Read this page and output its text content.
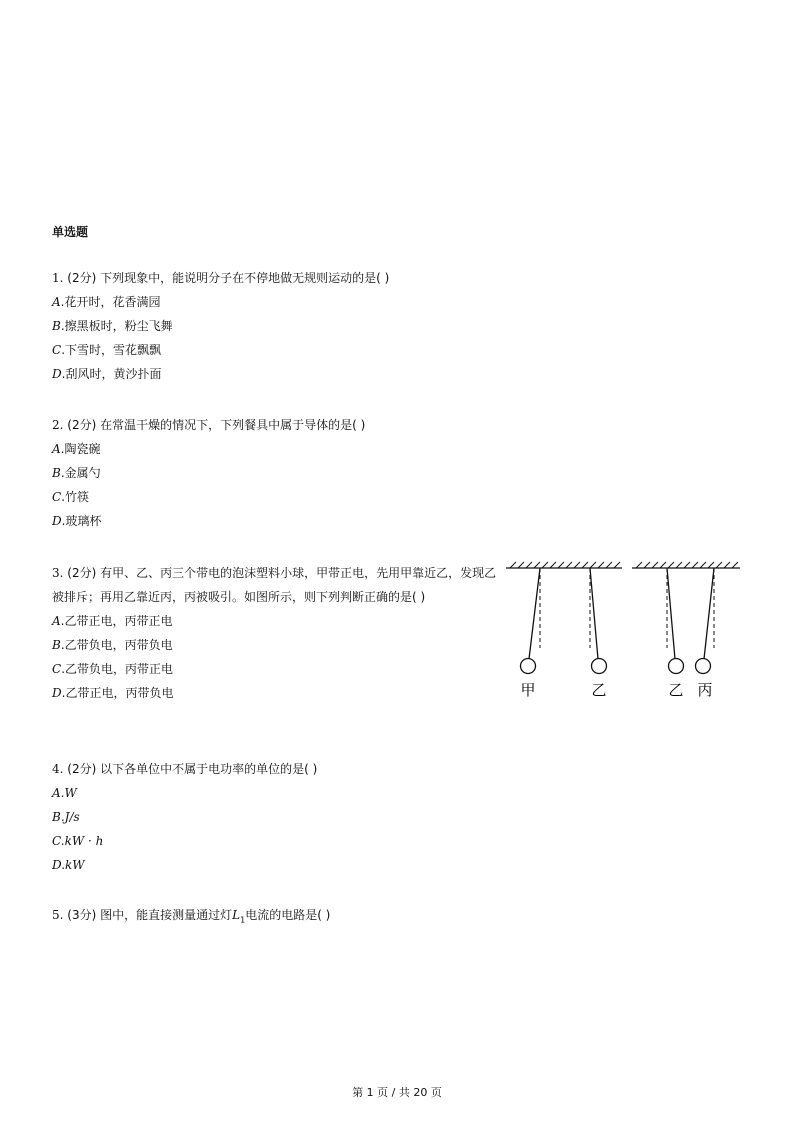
单选题
1. (2分) 下列现象中，能说明分子在不停地做无规则运动的是( )
A.花开时，花香满园
B.擦黑板时，粉尘飞舞
C.下雪时，雪花飘飘
D.刮风时，黄沙扑面
2. (2分) 在常温干燥的情况下，下列餐具中属于导体的是( )
A.陶瓷碗
B.金属勺
C.竹筷
D.玻璃杯
3. (2分) 有甲、乙、丙三个带电的泡沫塑料小球，甲带正电，先用甲靠近乙，发现乙被排斥；再用乙靠近丙，丙被吸引。如图所示，则下列判断正确的是( )
A.乙带正电，丙带正电
B.乙带负电，丙带负电
C.乙带负电，丙带正电
D.乙带正电，丙带负电	甲	乙	乙 丙
4. (2分) 以下各单位中不属于电功率的单位的是( )
A.W
B.J/s
C.kW · h
D.kW
5. (3分) 图中，能直接测量通过灯$L_1$电流的电路是( )
第 1 页 / 共 20 页
